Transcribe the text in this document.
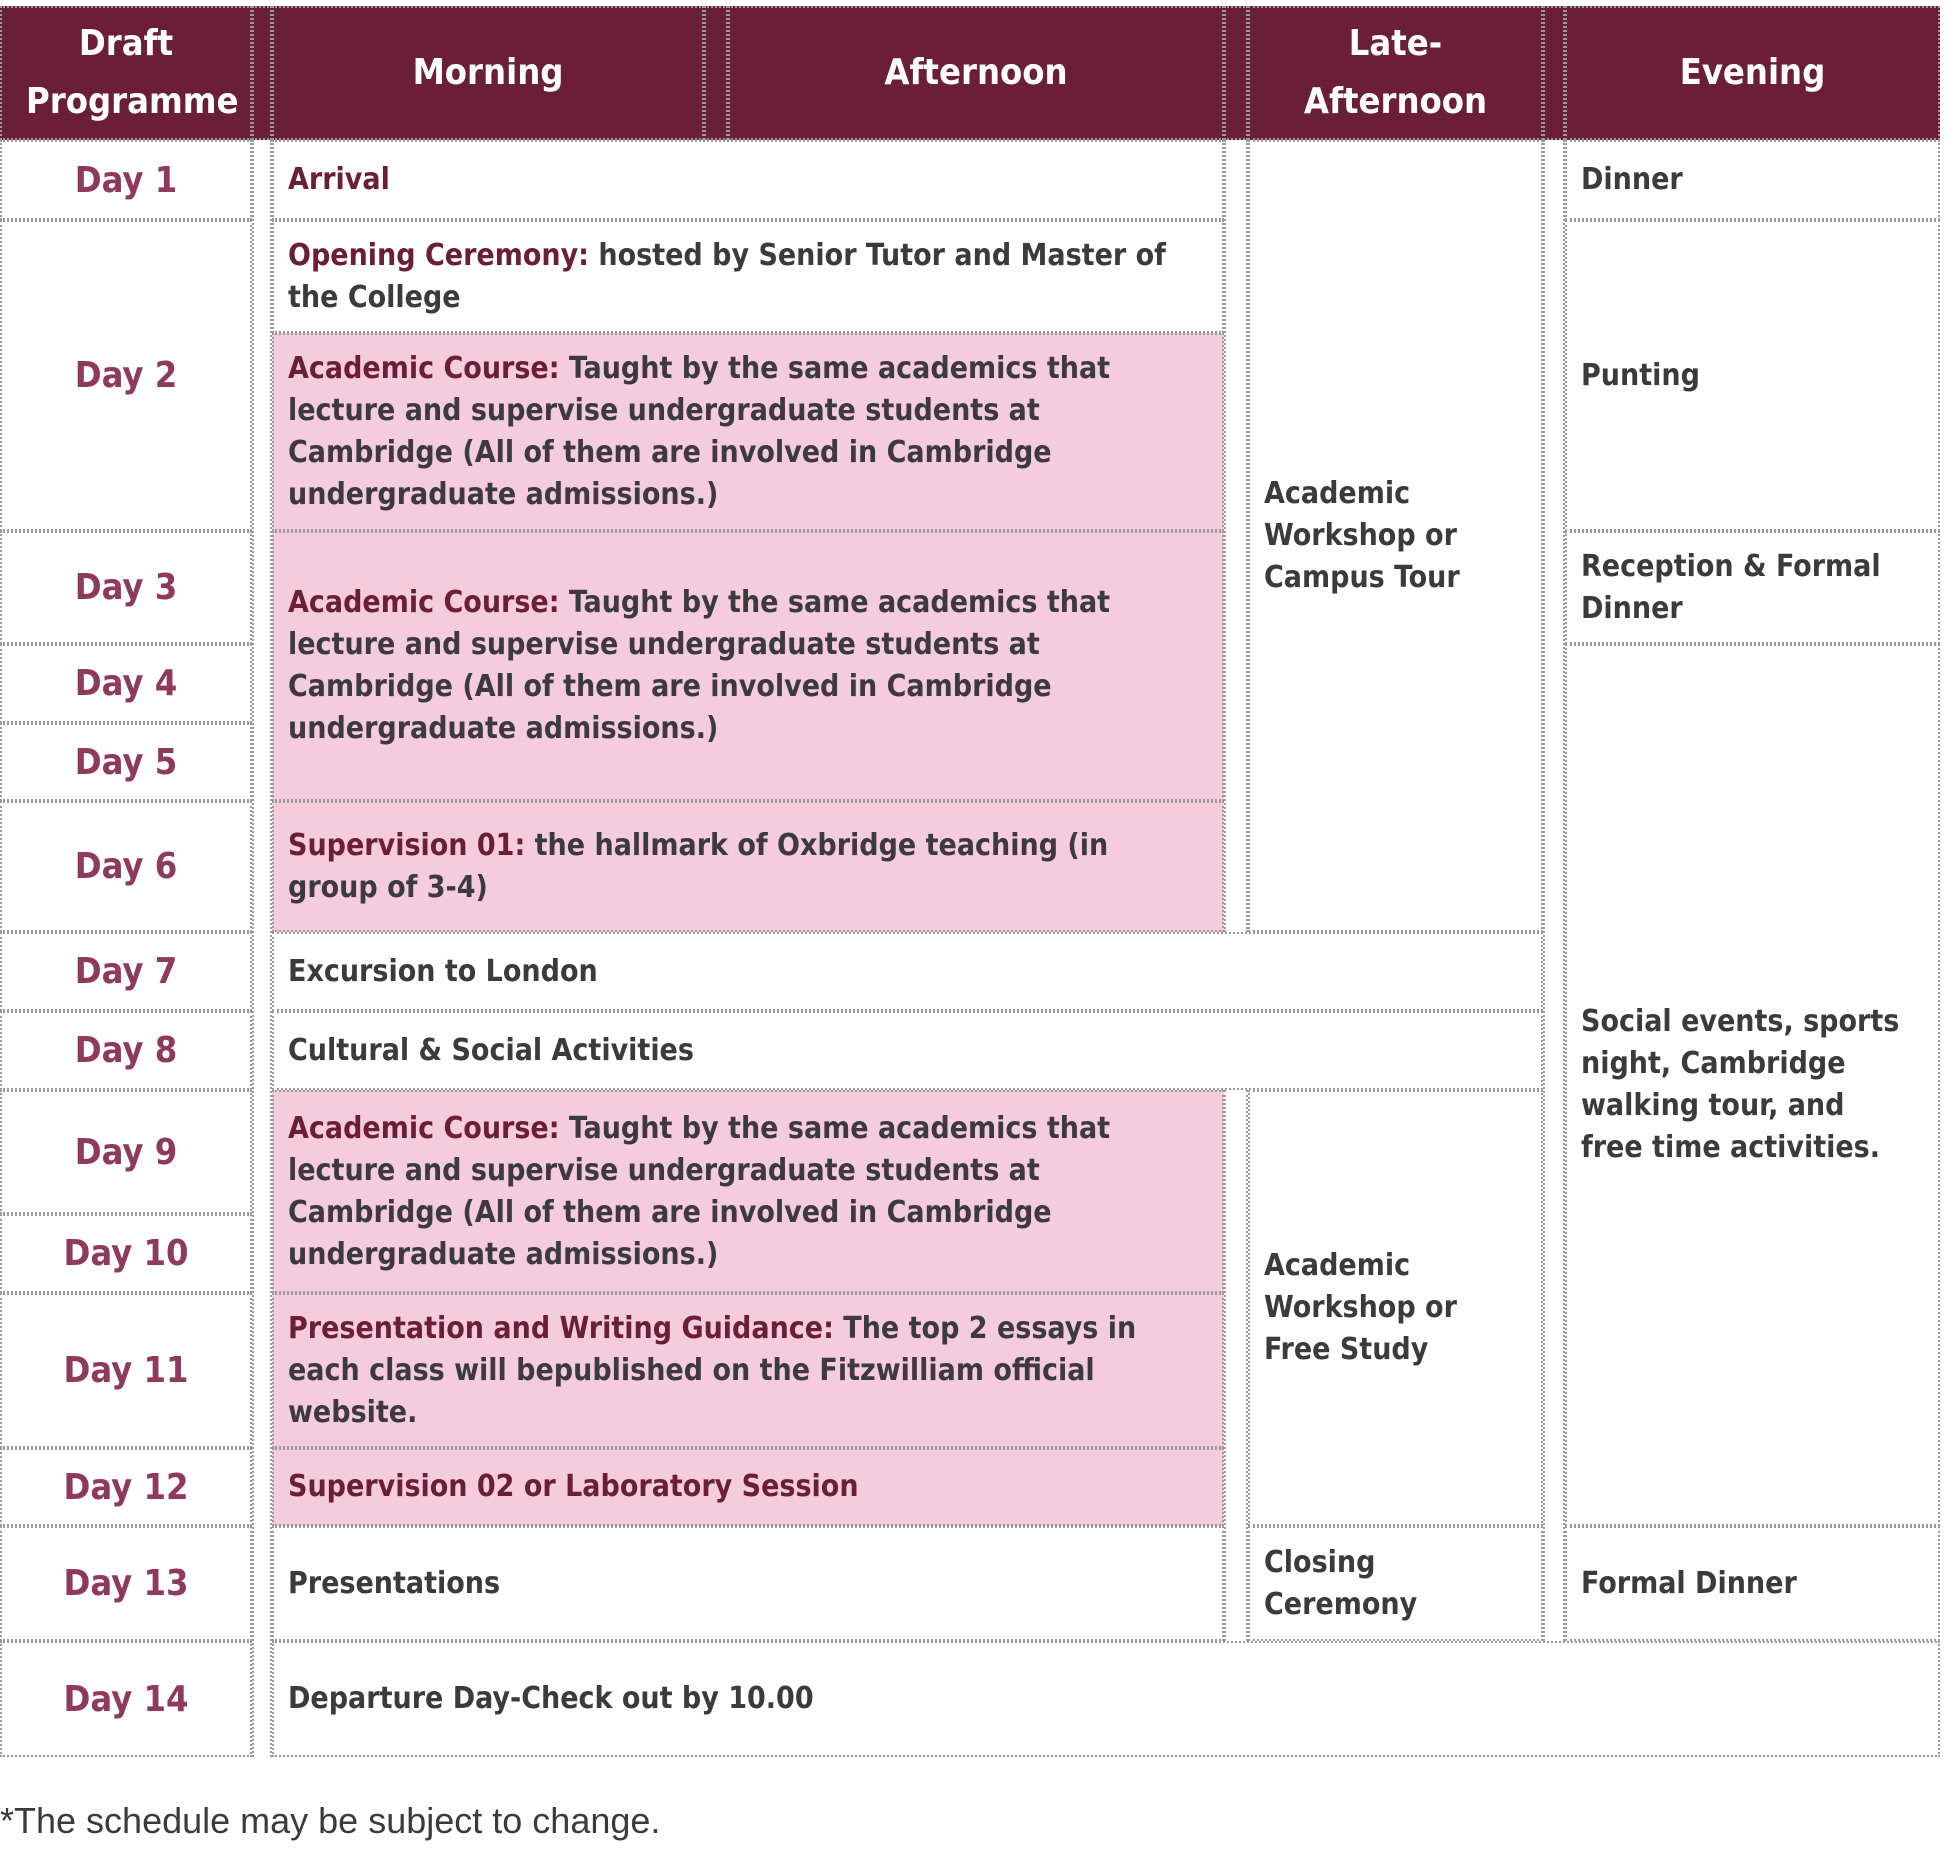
Draft Programme
Morning	Afternoon
Late-Afternoon
Evening
Day 1
Day 2
Day 3
Day 4
Day 5
Day 6
Day 7
Day 8
Day 9
Day 10
Day 11
Day 12
Day 13
Day 14
Arrival
Opening Ceremony: hosted by Senior Tutor and Master of the College
Academic Course: Taught by the same academics that lecture and supervise undergraduate students at Cambridge (All of them are involved in Cambridge undergraduate admissions.)
Academic Course: Taught by the same academics that lecture and supervise undergraduate students at Cambridge (All of them are involved in Cambridge undergraduate admissions.)
Supervision 01: the hallmark of Oxbridge teaching (in group of 3-4)
Excursion to London
Cultural & Social Activities
Academic Course: Taught by the same academics that lecture and supervise undergraduate students at Cambridge (All of them are involved in Cambridge undergraduate admissions.)
Presentation and Writing Guidance: The top 2 essays in each class will bepublished on the Fitzwilliam official website.
Supervision 02 or Laboratory Session
Presentations
Departure Day-Check out by 10.00
Academic Workshop or Campus Tour
Academic Workshop or Free Study
Closing Ceremony
Dinner
Punting
Reception & Formal Dinner
Social events, sports night, Cambridge walking tour, and free time activities.
Formal Dinner
*The schedule may be subject to change.
